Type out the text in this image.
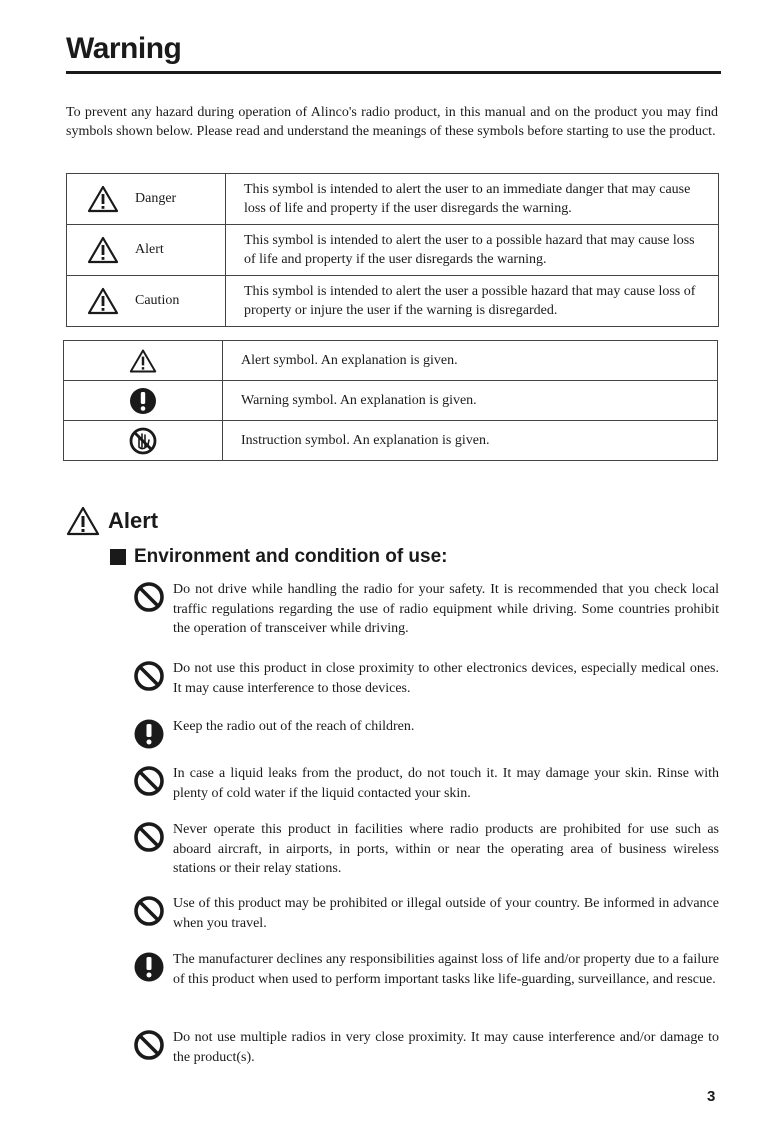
Warning
To prevent any hazard during operation of Alinco's radio product, in this manual and on the product you may find symbols shown below. Please read and understand the meanings of these symbols before starting to use the product.
Danger	This symbol is intended to alert the user to an immediate danger that may cause loss of life and property if the user disregards the warning.

Alert	This symbol is intended to alert the user to a possible hazard that may cause loss of life and property if the user disregards the warning.

Caution	This symbol is intended to alert the user a possible hazard that may cause loss of property or injure the user if the warning is disregarded.
	Alert symbol. An explanation is given.

	Warning symbol. An explanation is given.

	Instruction symbol. An explanation is given.
Alert
Environment and condition of use:
Do not drive while handling the radio for your safety. It is recommended that you check local traffic regulations regarding the use of radio equipment while driving. Some countries prohibit the operation of transceiver while driving.
Do not use this product in close proximity to other electronics devices, especially medical ones. It may cause interference to those devices.
Keep the radio out of the reach of children.
In case a liquid leaks from the product, do not touch it. It may damage your skin. Rinse with plenty of cold water if the liquid contacted your skin.
Never operate this product in facilities where radio products are prohibited for use such as aboard aircraft, in airports, in ports, within or near the operating area of business wireless stations or their relay stations.
Use of this product may be prohibited or illegal outside of your country. Be informed in advance when you travel.
The manufacturer declines any responsibilities against loss of life and/or property due to a failure of this product when used to perform important tasks like life-guarding, surveillance, and rescue.
Do not use multiple radios in very close proximity. It may cause interference and/or damage to the product(s).
3
